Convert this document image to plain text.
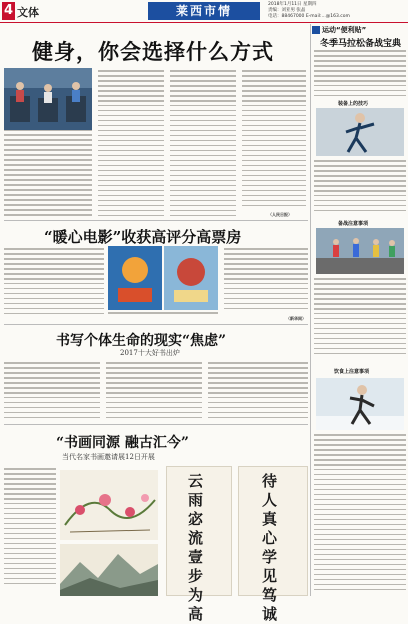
4 文体	莱西市情	2018年1月11日 星期四
责编：刘亚男 张晶
电话：88467000 E-mail:...@163.com
健身，你会选择什么方式
（人民日报）
“暖心电影”收获高评分高票房
（新华网）
书写个体生命的现实“焦虑”
2017十大好书出炉
“书画同源 融古汇今”
当代名家书画邀请展12日开展
云雨宓流 壹步为高
待人真心 学见笃诚
运动“便利贴”
冬季马拉松备战宝典
装备上的技巧
备战注意事项
饮食上注意事项
